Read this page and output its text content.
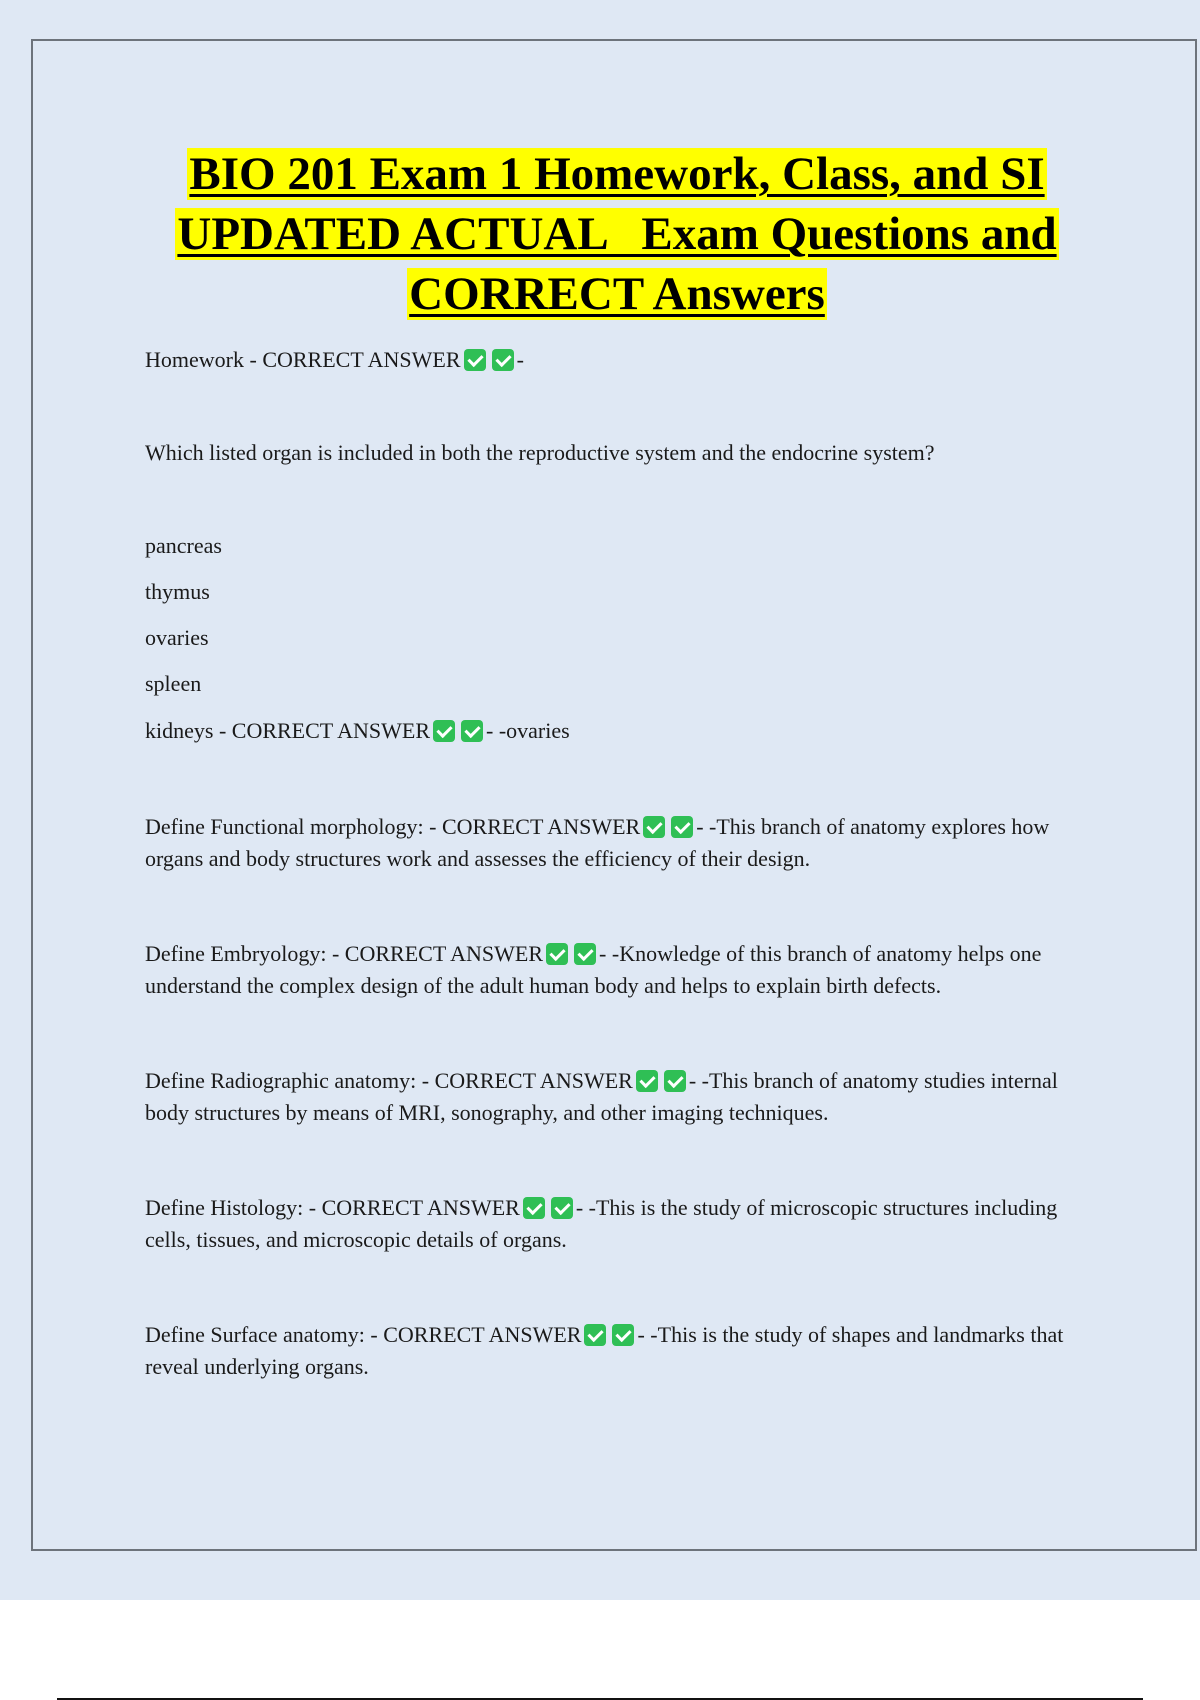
BIO 201 Exam 1 Homework, Class, and SI
UPDATED ACTUAL   Exam Questions and
CORRECT Answers

Homework - CORRECT ANSWER	-

Which listed organ is included in both the reproductive system and the endocrine system?

pancreas

thymus

ovaries

spleen

kidneys - CORRECT ANSWER	- -ovaries

Define Functional morphology: - CORRECT ANSWER	- -This branch of anatomy explores how organs and body structures work and assesses the efficiency of their design.

Define Embryology: - CORRECT ANSWER	- -Knowledge of this branch of anatomy helps one understand the complex design of the adult human body and helps to explain birth defects.

Define Radiographic anatomy: - CORRECT ANSWER	- -This branch of anatomy studies internal body structures by means of MRI, sonography, and other imaging techniques.

Define Histology: - CORRECT ANSWER	- -This is the study of microscopic structures including cells, tissues, and microscopic details of organs.

Define Surface anatomy: - CORRECT ANSWER	- -This is the study of shapes and landmarks that reveal underlying organs.
